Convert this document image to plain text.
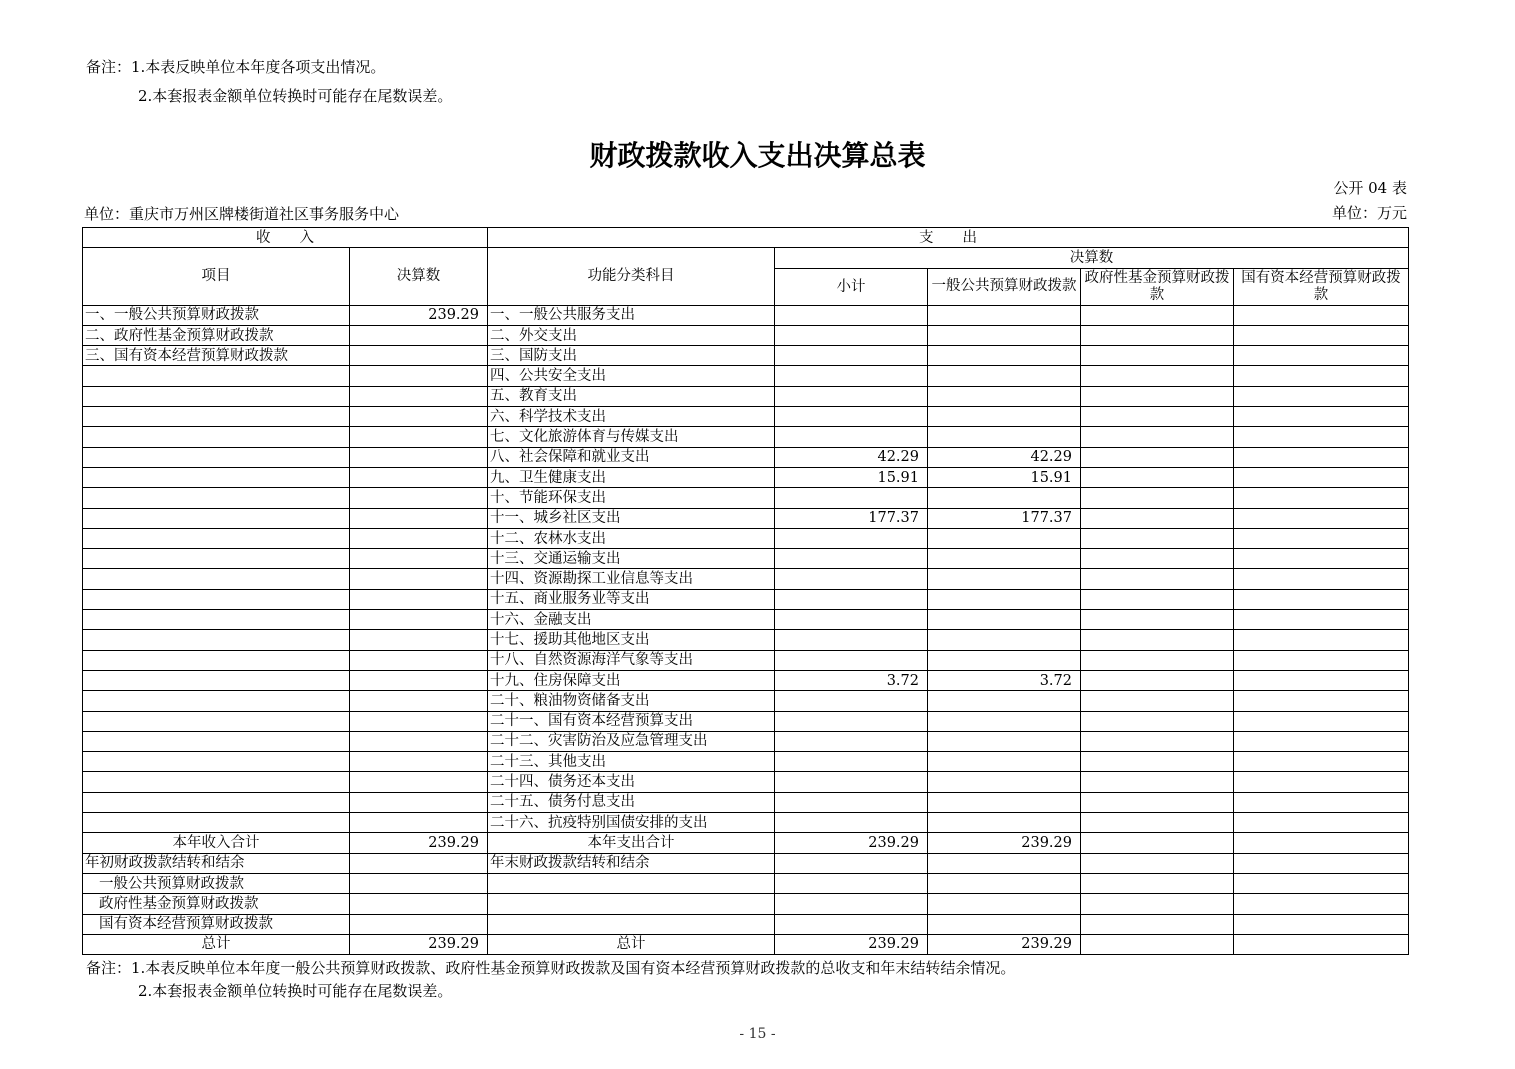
备注：1.本表反映单位本年度各项支出情况。
2.本套报表金额单位转换时可能存在尾数误差。
财政拨款收入支出决算总表
公开 04 表
单位：重庆市万州区牌楼街道社区事务服务中心	单位：万元
收　　入		支　　出				
项目	决算数	功能分类科目	决算数			
			小计	一般公共预算财政拨款	政府性基金预算财政拨款	国有资本经营预算财政拨款
一、一般公共预算财政拨款	239.29	一、一般公共服务支出				
二、政府性基金预算财政拨款		二、外交支出				
三、国有资本经营预算财政拨款		三、国防支出				
		四、公共安全支出				
		五、教育支出				
		六、科学技术支出				
		七、文化旅游体育与传媒支出				
		八、社会保障和就业支出	42.29	42.29		
		九、卫生健康支出	15.91	15.91		
		十、节能环保支出				
		十一、城乡社区支出	177.37	177.37		
		十二、农林水支出				
		十三、交通运输支出				
		十四、资源勘探工业信息等支出				
		十五、商业服务业等支出				
		十六、金融支出				
		十七、援助其他地区支出				
		十八、自然资源海洋气象等支出				
		十九、住房保障支出	3.72	3.72		
		二十、粮油物资储备支出				
		二十一、国有资本经营预算支出				
		二十二、灾害防治及应急管理支出				
		二十三、其他支出				
		二十四、债务还本支出				
		二十五、债务付息支出				
		二十六、抗疫特别国债安排的支出				
本年收入合计	239.29	本年支出合计	239.29	239.29		
年初财政拨款结转和结余		年末财政拨款结转和结余				
一般公共预算财政拨款						
政府性基金预算财政拨款						
国有资本经营预算财政拨款						
总计	239.29	总计	239.29	239.29		
备注：1.本表反映单位本年度一般公共预算财政拨款、政府性基金预算财政拨款及国有资本经营预算财政拨款的总收支和年末结转结余情况。
2.本套报表金额单位转换时可能存在尾数误差。
- 15 -
